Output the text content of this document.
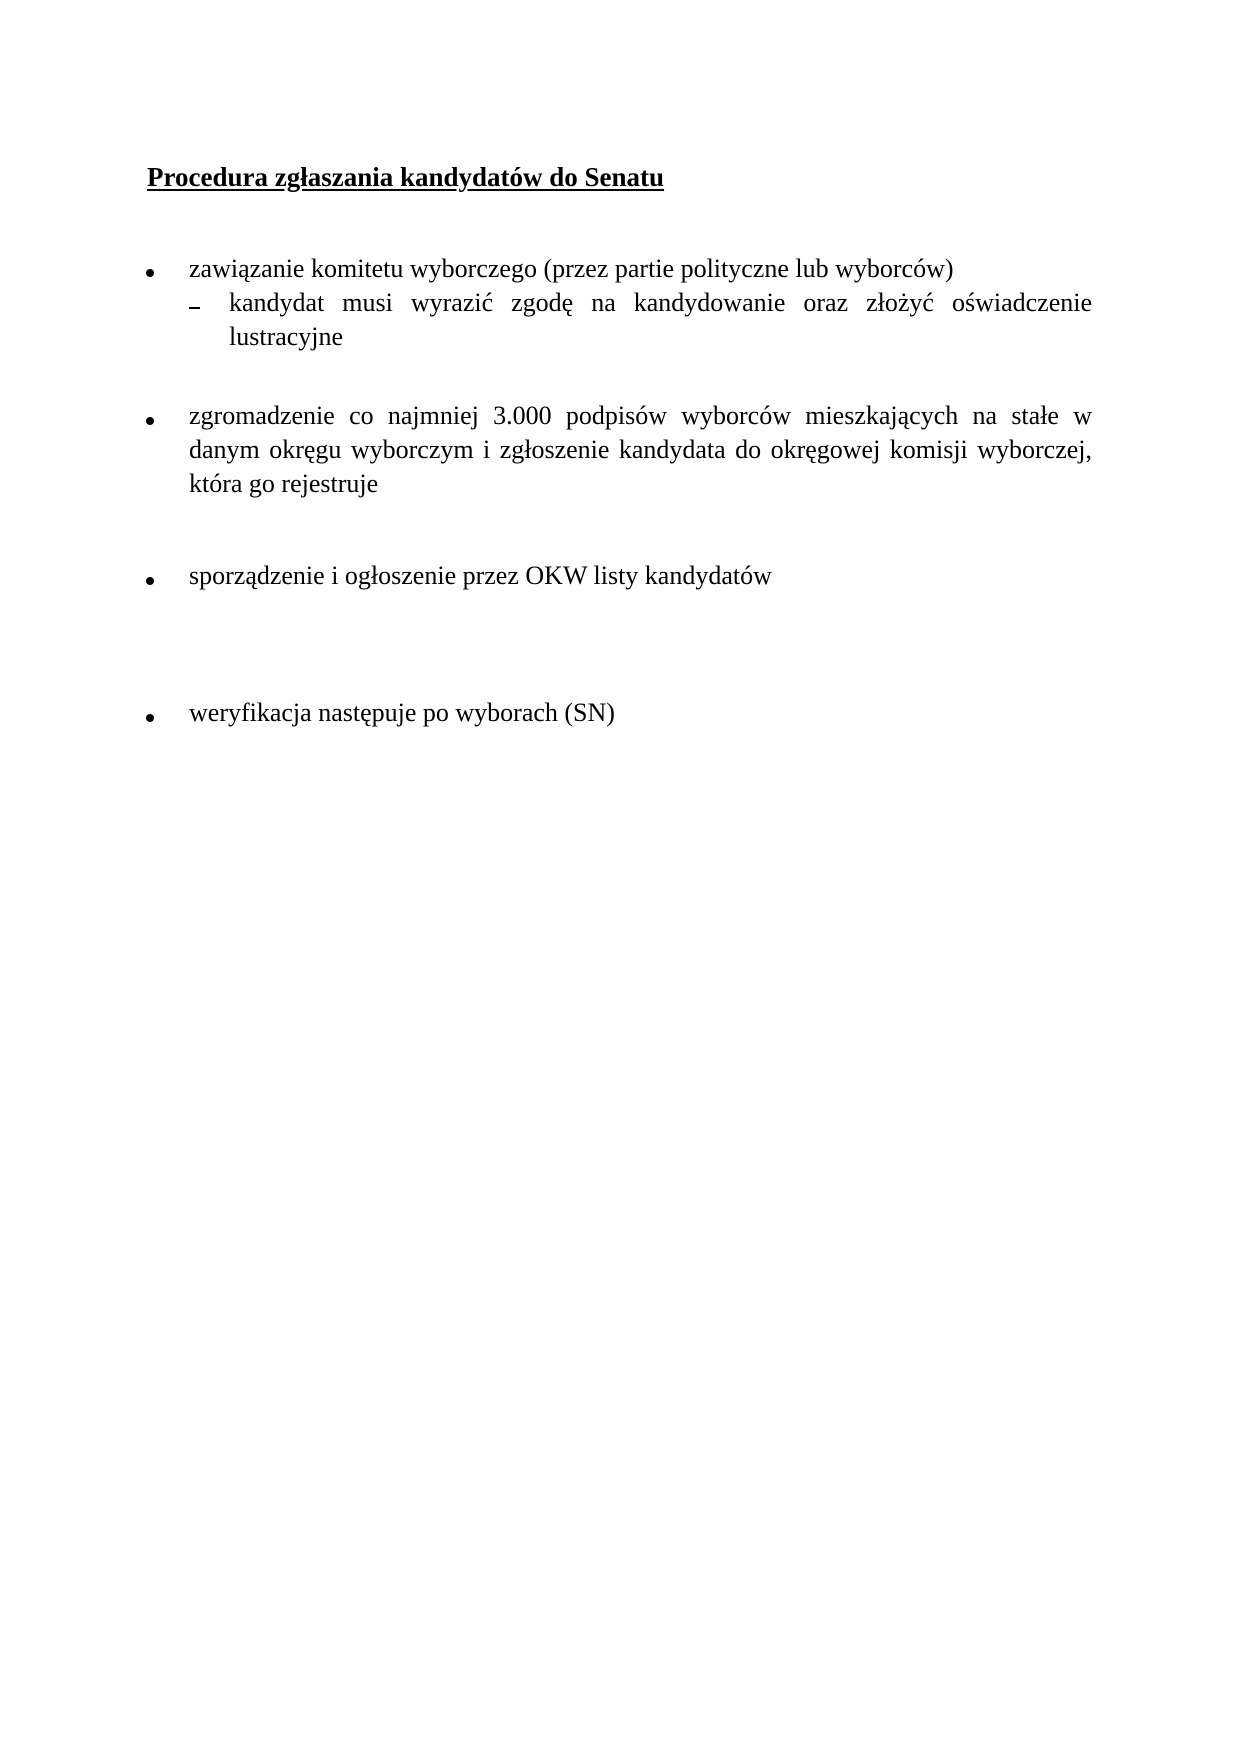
Procedura zgłaszania kandydatów do Senatu

zawiązanie komitetu wyborczego (przez partie polityczne lub wyborców)

kandydat musi wyrazić zgodę na kandydowanie oraz złożyć oświadczenie lustracyjne

zgromadzenie co najmniej 3.000 podpisów wyborców mieszkających na stałe w danym okręgu wyborczym i zgłoszenie kandydata do okręgowej komisji wyborczej, która go rejestruje

sporządzenie i ogłoszenie przez OKW listy kandydatów

weryfikacja następuje po wyborach (SN)
